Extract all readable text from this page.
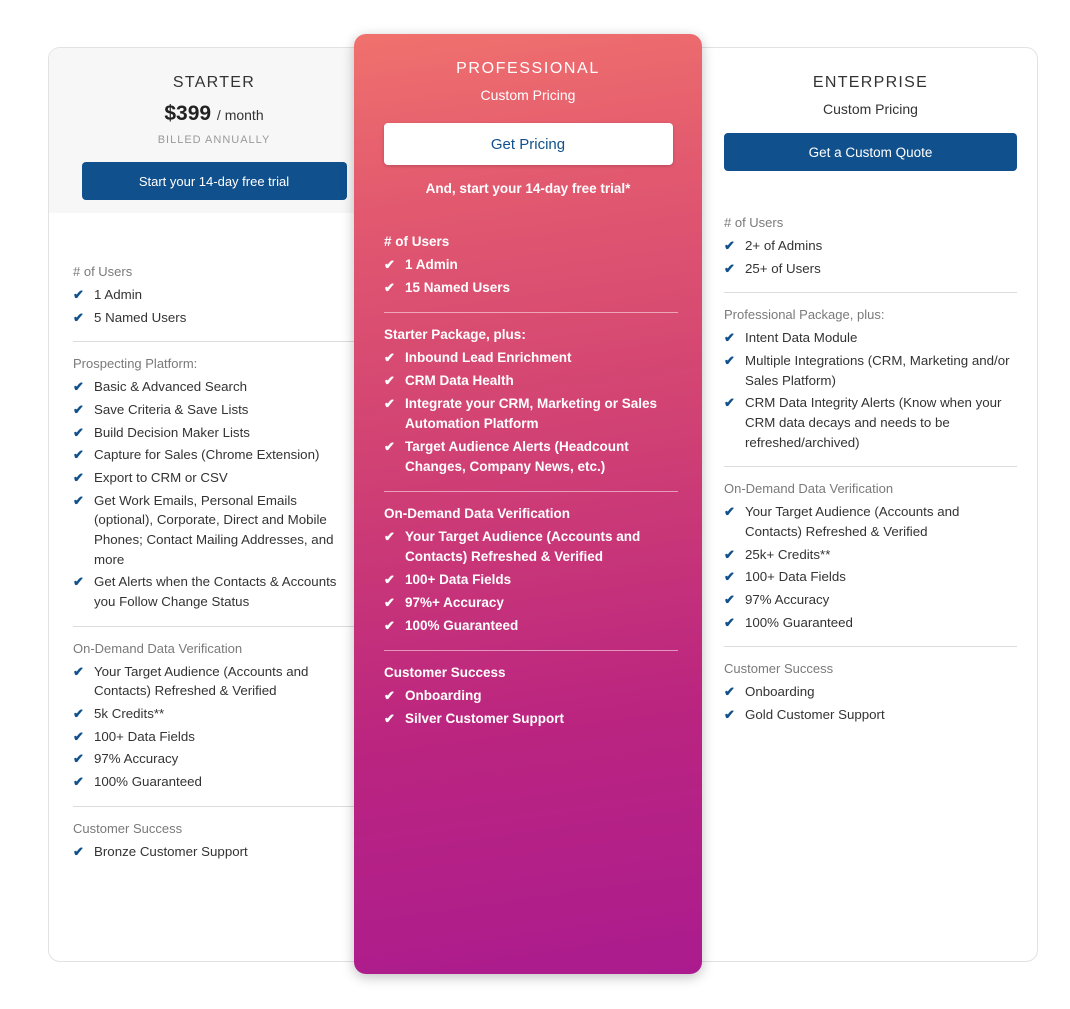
STARTER
$399 / month
BILLED ANNUALLY
Start your 14-day free trial
# of Users
✔ 1 Admin
✔ 5 Named Users
Prospecting Platform:
✔ Basic & Advanced Search
✔ Save Criteria & Save Lists
✔ Build Decision Maker Lists
✔ Capture for Sales (Chrome Extension)
✔ Export to CRM or CSV
✔ Get Work Emails, Personal Emails (optional), Corporate, Direct and Mobile Phones; Contact Mailing Addresses, and more
✔ Get Alerts when the Contacts & Accounts you Follow Change Status
On-Demand Data Verification
✔ Your Target Audience (Accounts and Contacts) Refreshed & Verified
✔ 5k Credits**
✔ 100+ Data Fields
✔ 97% Accuracy
✔ 100% Guaranteed
Customer Success
✔ Bronze Customer Support
PROFESSIONAL
Custom Pricing
Get Pricing
And, start your 14-day free trial*
# of Users
✔ 1 Admin
✔ 15 Named Users
Starter Package, plus:
✔ Inbound Lead Enrichment
✔ CRM Data Health
✔ Integrate your CRM, Marketing or Sales Automation Platform
✔ Target Audience Alerts (Headcount Changes, Company News, etc.)
On-Demand Data Verification
✔ Your Target Audience (Accounts and Contacts) Refreshed & Verified
✔ 100+ Data Fields
✔ 97%+ Accuracy
✔ 100% Guaranteed
Customer Success
✔ Onboarding
✔ Silver Customer Support
ENTERPRISE
Custom Pricing
Get a Custom Quote
# of Users
✔ 2+ of Admins
✔ 25+ of Users
Professional Package, plus:
✔ Intent Data Module
✔ Multiple Integrations (CRM, Marketing and/or Sales Platform)
✔ CRM Data Integrity Alerts (Know when your CRM data decays and needs to be refreshed/archived)
On-Demand Data Verification
✔ Your Target Audience (Accounts and Contacts) Refreshed & Verified
✔ 25k+ Credits**
✔ 100+ Data Fields
✔ 97% Accuracy
✔ 100% Guaranteed
Customer Success
✔ Onboarding
✔ Gold Customer Support
